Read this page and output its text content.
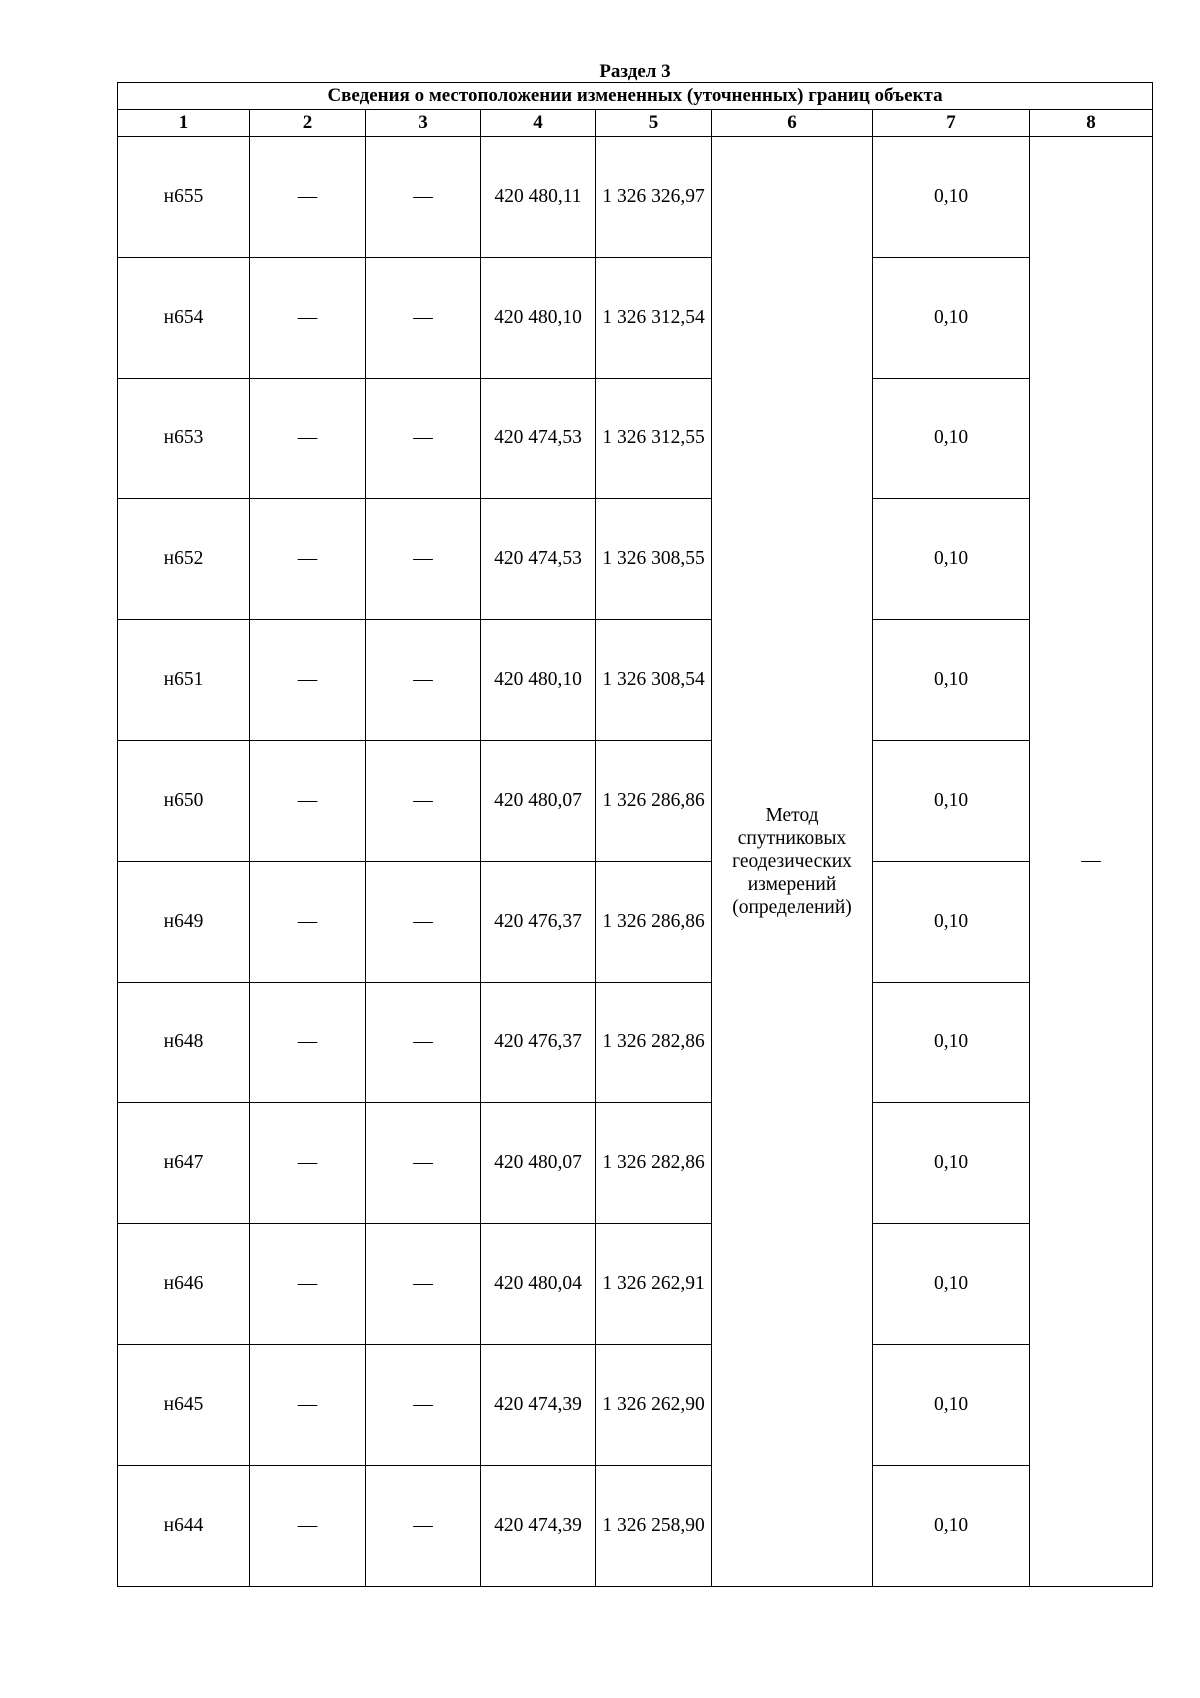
Раздел 3
Сведения о местоположении измененных (уточненных) границ объекта							
1	2	3	4	5	6	7	8
н655	—	—	420 480,11	1 326 326,97	Метод
спутниковых
геодезических
измерений
(определений)	0,10	—
н654	—	—	420 480,10	1 326 312,54		0,10	
н653	—	—	420 474,53	1 326 312,55		0,10	
н652	—	—	420 474,53	1 326 308,55		0,10	
н651	—	—	420 480,10	1 326 308,54		0,10	
н650	—	—	420 480,07	1 326 286,86		0,10	
н649	—	—	420 476,37	1 326 286,86		0,10	
н648	—	—	420 476,37	1 326 282,86		0,10	
н647	—	—	420 480,07	1 326 282,86		0,10	
н646	—	—	420 480,04	1 326 262,91		0,10	
н645	—	—	420 474,39	1 326 262,90		0,10	
н644	—	—	420 474,39	1 326 258,90		0,10	
